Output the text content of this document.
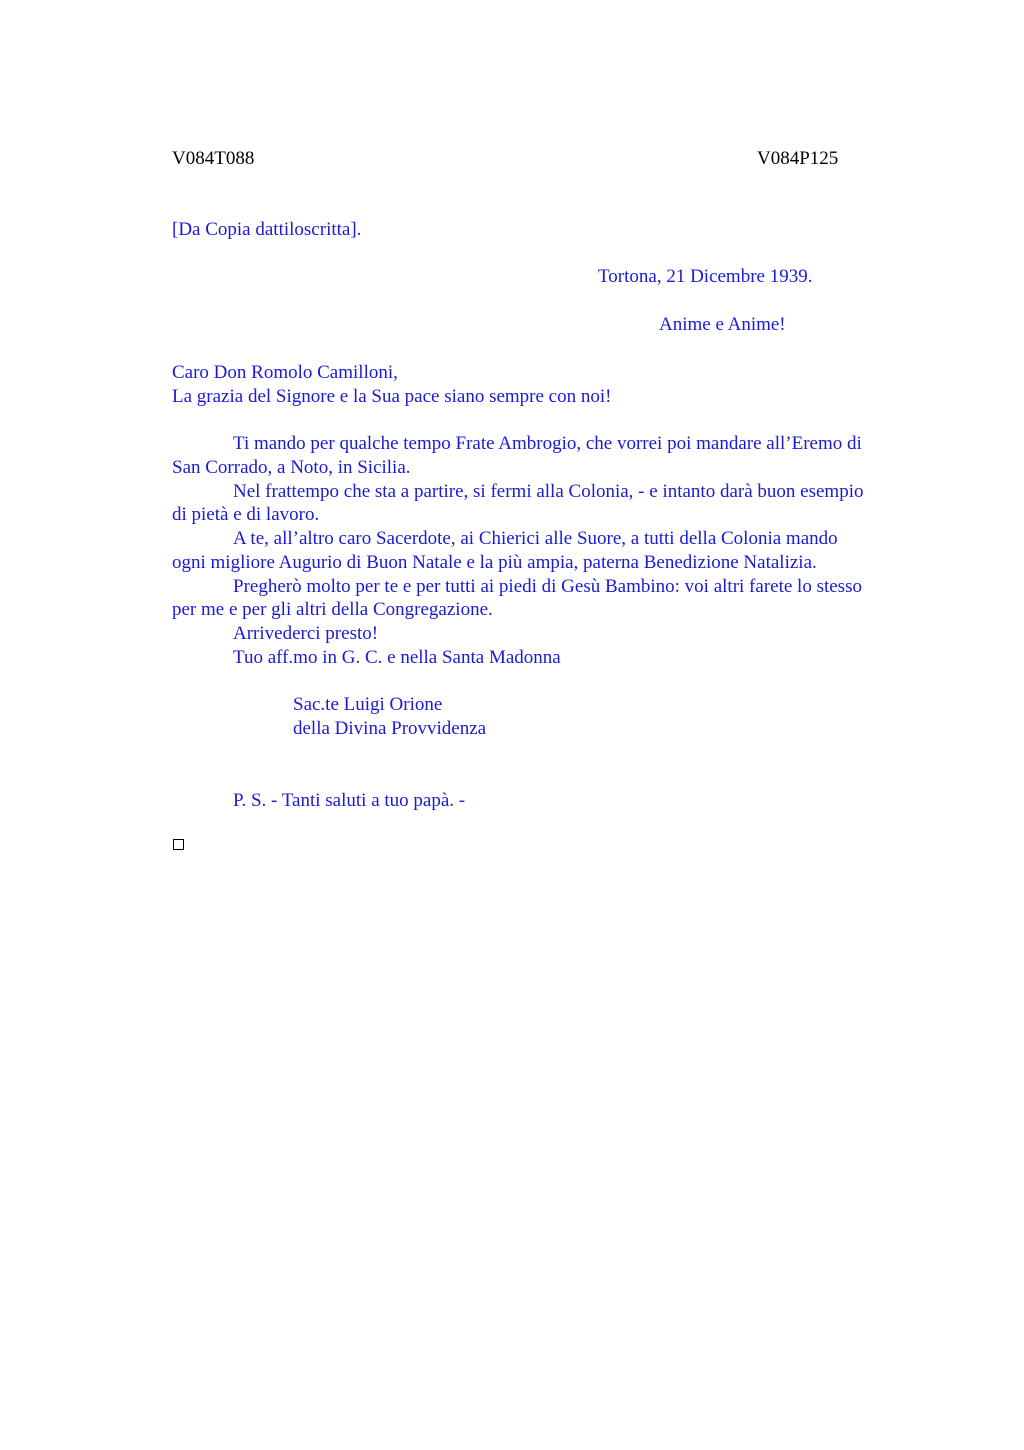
V084T088	V084P125
[Da Copia dattiloscritta].
Tortona, 21 Dicembre 1939.
Anime e Anime!
Caro Don Romolo Camilloni,
La grazia del Signore e la Sua pace siano sempre con noi!
Ti mando per qualche tempo Frate Ambrogio, che vorrei poi mandare all’Eremo di
San Corrado, a Noto, in Sicilia.
Nel frattempo che sta a partire, si fermi alla Colonia, - e intanto darà buon esempio
di pietà e di lavoro.
A te, all’altro caro Sacerdote, ai Chierici alle Suore, a tutti della Colonia mando
ogni migliore Augurio di Buon Natale e la più ampia, paterna Benedizione Natalizia.
Pregherò molto per te e per tutti ai piedi di Gesù Bambino: voi altri farete lo stesso
per me e per gli altri della Congregazione.
Arrivederci presto!
Tuo aff.mo in G. C. e nella Santa Madonna
Sac.te Luigi Orione
della Divina Provvidenza
P. S. - Tanti saluti a tuo papà. -
